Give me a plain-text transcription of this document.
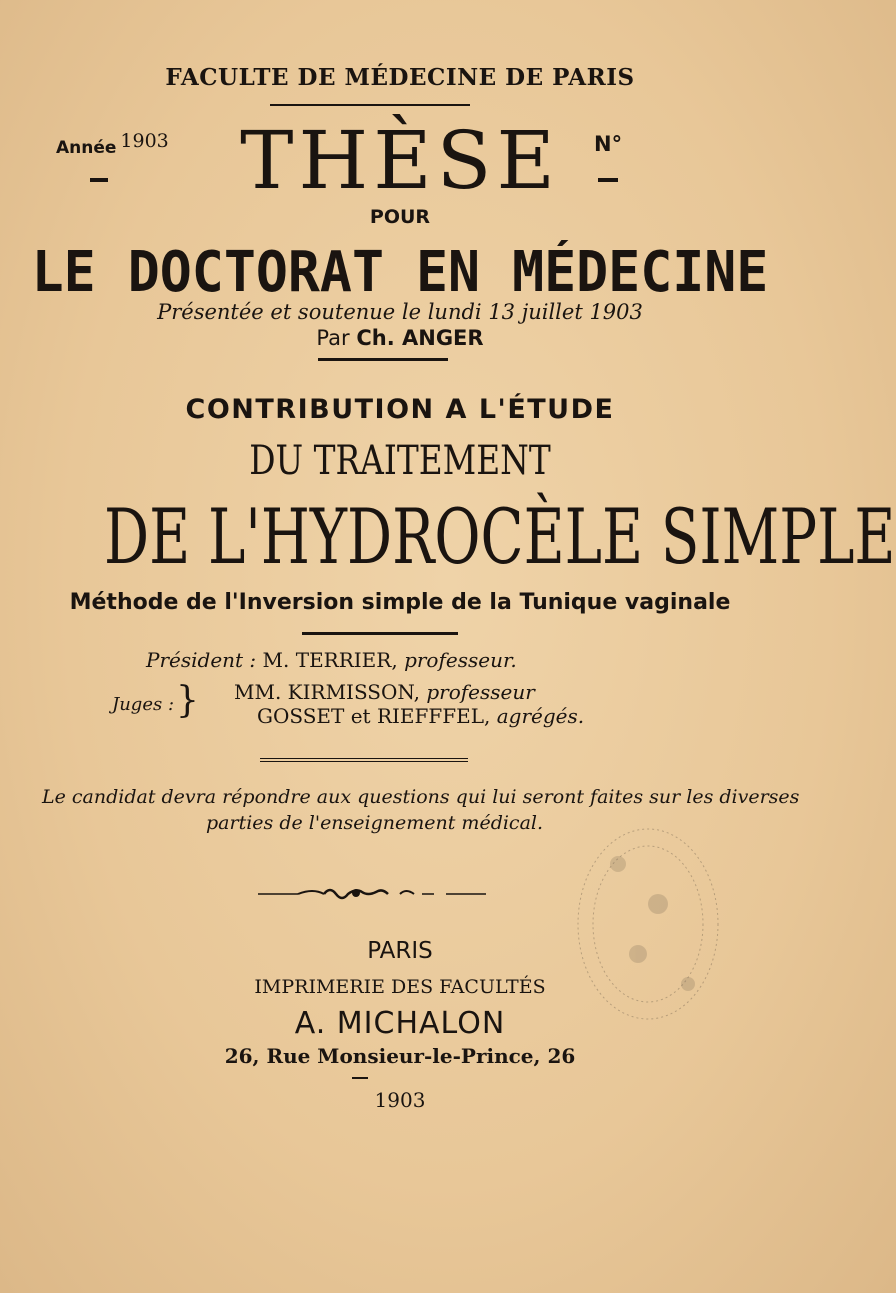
FACULTE DE MÉDECINE DE PARIS
Année 1903 THÈSE	N°
POUR
LE DOCTORAT EN MÉDECINE
Présentée et soutenue le lundi 13 juillet 1903
Par Ch. ANGER
CONTRIBUTION A L'ÉTUDE
DU TRAITEMENT
DE L'HYDROCÈLE SIMPLE
Méthode de l'Inversion simple de la Tunique vaginale
Président : M. TERRIER, professeur.
Juges : } MM. KIRMISSON, professeur
GOSSET et RIEFFFEL, agrégés.
Le candidat devra répondre aux questions qui lui seront faites sur les diverses
parties de l'enseignement médical.
PARIS
IMPRIMERIE DES FACULTÉS
A. MICHALON
26, Rue Monsieur-le-Prince, 26
1903
